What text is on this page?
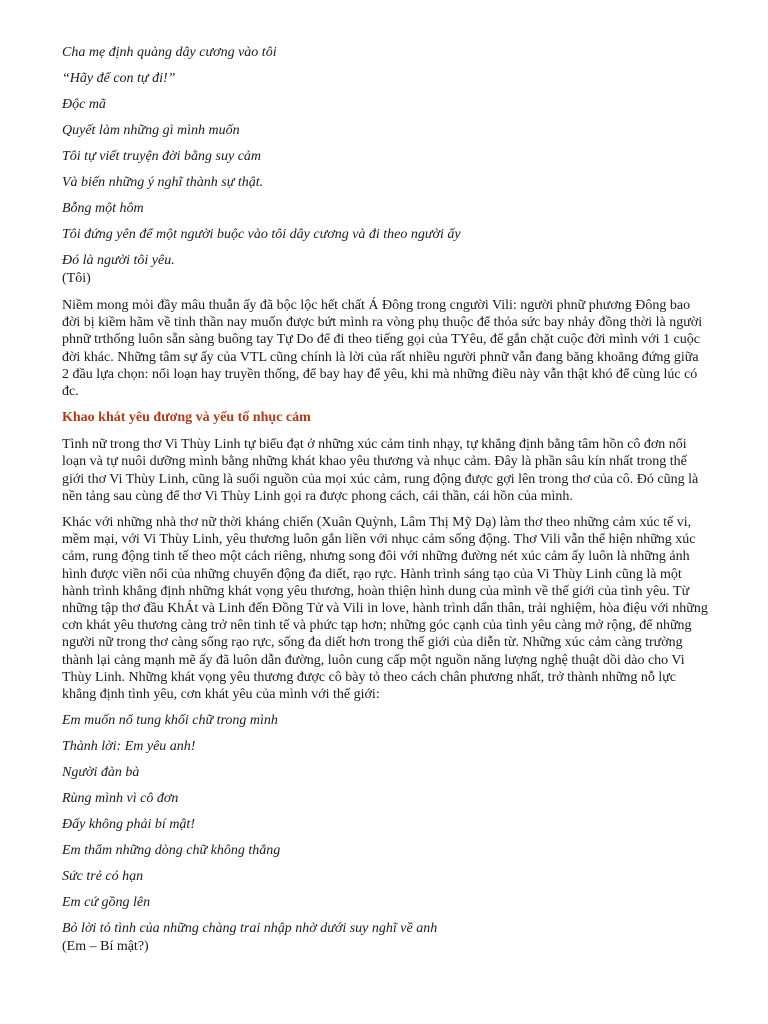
Cha mẹ định quàng dây cương vào tôi

“Hãy để con tự đi!”

Độc mã

Quyết làm những gì mình muốn

Tôi tự viết truyện đời bằng suy cảm

Và biến những ý nghĩ thành sự thật.

Bỗng một hôm

Tôi đứng yên để một người buộc vào tôi dây cương và đi theo người ấy

Đó là người tôi yêu.

(Tôi)

Niềm mong mỏi đầy mâu thuẫn ấy đã bộc lộc hết chất Á Đông trong cngười Vili: người phnữ phương Đông bao đời bị kiềm hãm về tinh thần nay muốn được bứt mình ra vòng phụ thuộc để thỏa sức bay nhảy đồng thời là người phnữ trthống luôn sẵn sàng buông tay Tự Do để đi theo tiếng gọi của TYêu, để gắn chặt cuộc đời mình với 1 cuộc đời khác. Những tâm sự ấy của VTL cũng chính là lời của rất nhiều người phnữ vẫn đang băng khoăng đứng giữa 2 đầu lựa chọn: nổi loạn hay truyền thống, để bay hay để yêu, khi mà những điều này vẫn thật khó để cùng lúc có đc.

Khao khát yêu đương và yếu tố nhục cảm

Tình nữ trong thơ Vi Thùy Linh tự biểu đạt ở những xúc cảm tinh nhạy, tự khẳng định bằng tâm hồn cô đơn nổi loạn và tự nuôi dưỡng mình bằng những khát khao yêu thương và nhục cảm. Đây là phần sâu kín nhất trong thế giới thơ Vi Thùy Linh, cũng là suối nguồn của mọi xúc cảm, rung động được gợi lên trong thơ của cô. Đó cũng là nền tảng sau cùng để thơ Vi Thùy Linh gọi ra được phong cách, cái thần, cái hồn của mình.

Khác với những nhà thơ nữ thời kháng chiến (Xuân Quỳnh, Lâm Thị Mỹ Dạ) làm thơ theo những cảm xúc tế vi, mềm mại, với Vi Thùy Linh, yêu thương luôn gắn liền với nhục cảm sống động. Thơ Vili vẫn thể hiện những xúc cảm, rung động tinh tế theo một cách riêng, nhưng song đôi với những đường nét xúc cảm ấy luôn là những ảnh hình được viền nổi của những chuyển động đa diết, rạo rực. Hành trình sáng tạo của Vi Thùy Linh cũng là một hành trình khẳng định những khát vọng yêu thương, hoàn thiện hình dung của mình về thế giới của tình yêu. Từ những tập thơ đầu KhÁt và Linh đến Đồng Tử và Vili in love, hành trình dấn thân, trải nghiệm, hòa điệu với những cơn khát yêu thương càng trở nên tinh tế và phức tạp hơn; những góc cạnh của tình yêu càng mở rộng, để những người nữ trong thơ càng sống rạo rực, sống đa diết hơn trong thế giới của diễn từ. Những xúc cảm càng trường thành lại càng mạnh mẽ ấy đã luôn dẫn đường, luôn cung cấp một nguồn năng lượng nghệ thuật dồi dào cho Vi Thùy Linh. Những khát vọng yêu thương được cô bày tỏ theo cách chân phương nhất, trở thành những nỗ lực khẳng định tình yêu, cơn khát yêu của mình với thế giới:

Em muốn nổ tung khối chữ trong mình

Thành lời: Em yêu anh!

Người đàn bà

Rùng mình vì cô đơn

Đấy không phải bí mật!

Em thẩm những dòng chữ không thẳng

Sức trẻ có hạn

Em cứ gồng lên

Bỏ lời tỏ tình của những chàng trai nhập nhờ dưới suy nghĩ về anh

(Em – Bí mật?)
